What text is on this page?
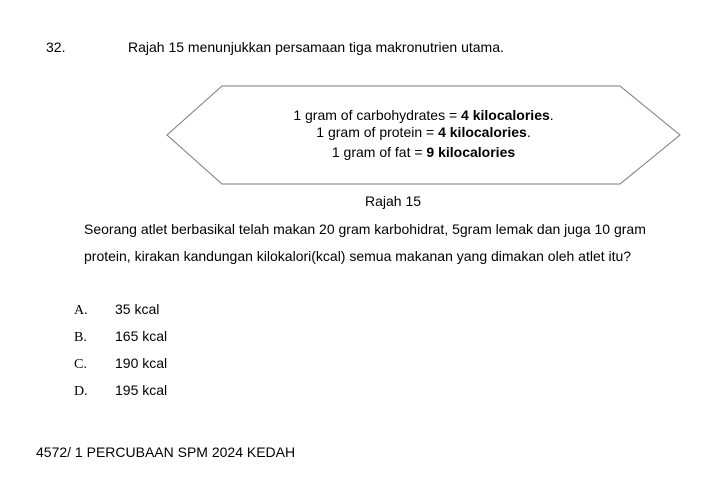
32.	Rajah 15 menunjukkan persamaan tiga makronutrien utama.
1 gram of carbohydrates = 4 kilocalories.
1 gram of protein = 4 kilocalories.
1 gram of fat = 9 kilocalories
Rajah 15
Seorang atlet berbasikal telah makan 20 gram karbohidrat, 5gram lemak dan juga 10 gram
protein, kirakan kandungan kilokalori(kcal) semua makanan yang dimakan oleh atlet itu?
A. 35 kcal
B. 165 kcal
C. 190 kcal
D. 195 kcal
4572/ 1 PERCUBAAN SPM 2024 KEDAH
